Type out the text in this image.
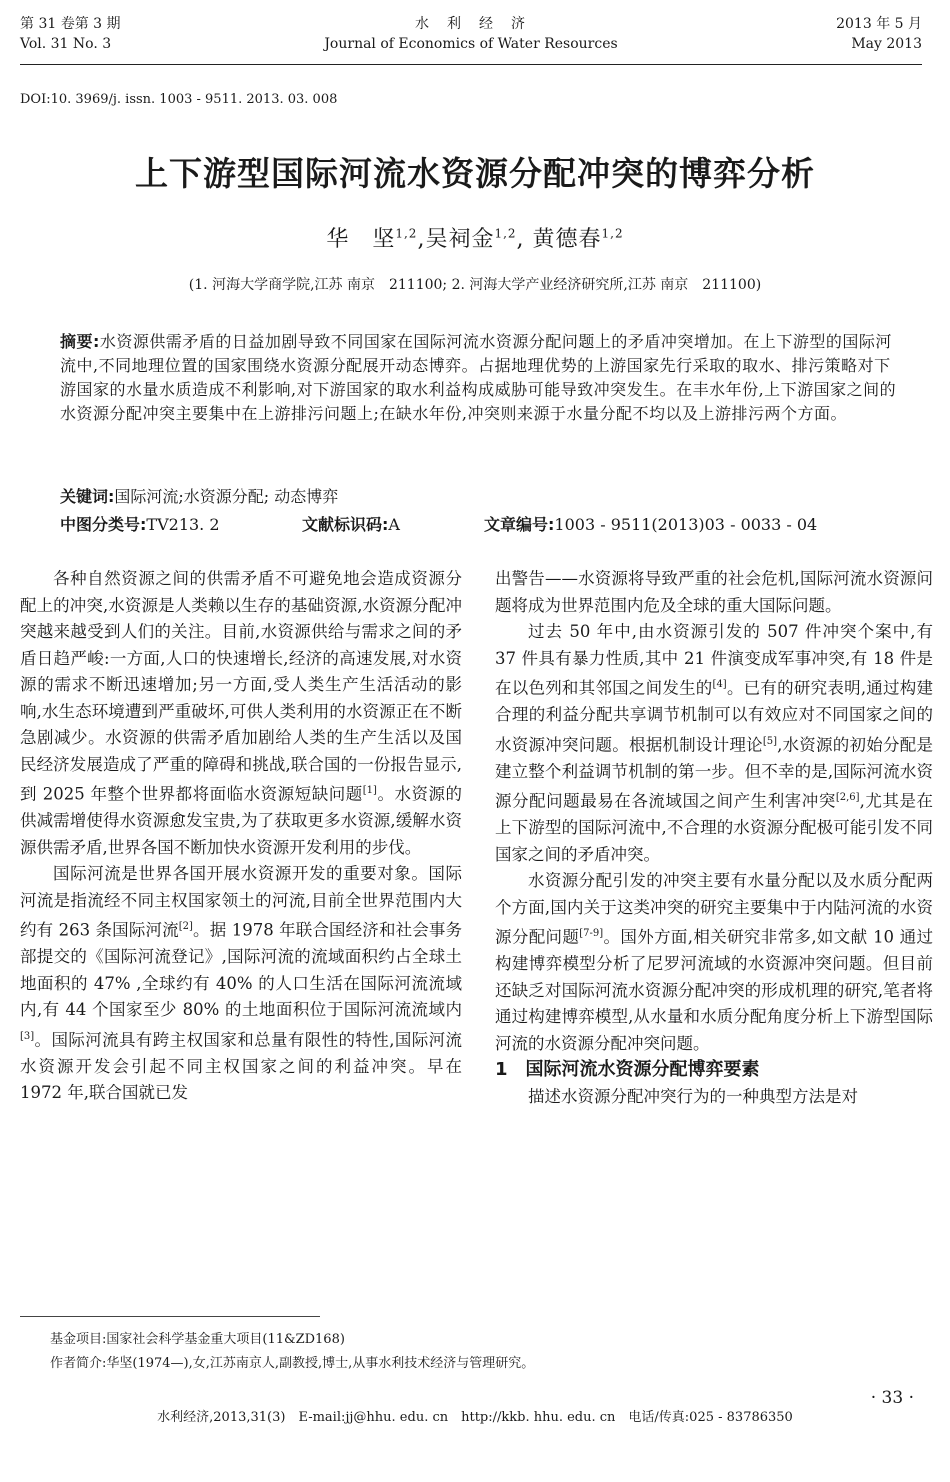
第 31 卷第 3 期
Vol. 31 No. 3
水　利　经　济
Journal of Economics of Water Resources
2013 年 5 月
May 2013
DOI:10. 3969/j. issn. 1003 - 9511. 2013. 03. 008
上下游型国际河流水资源分配冲突的博弈分析
华　坚$^{1,2}$,吴祠金$^{1,2}$, 黄德春$^{1,2}$
(1. 河海大学商学院,江苏 南京　211100; 2. 河海大学产业经济研究所,江苏 南京　211100)
摘要:水资源供需矛盾的日益加剧导致不同国家在国际河流水资源分配问题上的矛盾冲突增加。在上下游型的国际河流中,不同地理位置的国家围绕水资源分配展开动态博弈。占据地理优势的上游国家先行采取的取水、排污策略对下游国家的水量水质造成不利影响,对下游国家的取水利益构成威胁可能导致冲突发生。在丰水年份,上下游国家之间的水资源分配冲突主要集中在上游排污问题上;在缺水年份,冲突则来源于水量分配不均以及上游排污两个方面。
关键词:国际河流;水资源分配; 动态博弈
中图分类号:TV213. 2	文献标识码:A	文章编号:1003 - 9511(2013)03 - 0033 - 04

各种自然资源之间的供需矛盾不可避免地会造成资源分配上的冲突,水资源是人类赖以生存的基础资源,水资源分配冲突越来越受到人们的关注。目前,水资源供给与需求之间的矛盾日趋严峻:一方面,人口的快速增长,经济的高速发展,对水资源的需求不断迅速增加;另一方面,受人类生产生活活动的影响,水生态环境遭到严重破坏,可供人类利用的水资源正在不断急剧减少。水资源的供需矛盾加剧给人类的生产生活以及国民经济发展造成了严重的障碍和挑战,联合国的一份报告显示,到 2025 年整个世界都将面临水资源短缺问题[1]。水资源的供减需增使得水资源愈发宝贵,为了获取更多水资源,缓解水资源供需矛盾,世界各国不断加快水资源开发利用的步伐。

国际河流是世界各国开展水资源开发的重要对象。国际河流是指流经不同主权国家领土的河流,目前全世界范围内大约有 263 条国际河流[2]。据 1978 年联合国经济和社会事务部提交的《国际河流登记》,国际河流的流域面积约占全球土地面积的 47% ,全球约有 40% 的人口生活在国际河流流域内,有 44 个国家至少 80% 的土地面积位于国际河流流域内[3]。国际河流具有跨主权国家和总量有限性的特性,国际河流水资源开发会引起不同主权国家之间的利益冲突。早在 1972 年,联合国就已发

出警告——水资源将导致严重的社会危机,国际河流水资源问题将成为世界范围内危及全球的重大国际问题。

过去 50 年中,由水资源引发的 507 件冲突个案中,有 37 件具有暴力性质,其中 21 件演变成军事冲突,有 18 件是在以色列和其邻国之间发生的[4]。已有的研究表明,通过构建合理的利益分配共享调节机制可以有效应对不同国家之间的水资源冲突问题。根据机制设计理论[5],水资源的初始分配是建立整个利益调节机制的第一步。但不幸的是,国际河流水资源分配问题最易在各流域国之间产生利害冲突[2,6],尤其是在上下游型的国际河流中,不合理的水资源分配极可能引发不同国家之间的矛盾冲突。

水资源分配引发的冲突主要有水量分配以及水质分配两个方面,国内关于这类冲突的研究主要集中于内陆河流的水资源分配问题[7-9]。国外方面,相关研究非常多,如文献 10 通过构建博弈模型分析了尼罗河流域的水资源冲突问题。但目前还缺乏对国际河流水资源分配冲突的形成机理的研究,笔者将通过构建博弈模型,从水量和水质分配角度分析上下游型国际河流的水资源分配冲突问题。

1　国际河流水资源分配博弈要素

描述水资源分配冲突行为的一种典型方法是对

基金项目:国家社会科学基金重大项目(11&ZD168)
作者简介:华坚(1974—),女,江苏南京人,副教授,博士,从事水利技术经济与管理研究。
· 33 ·
水利经济,2013,31(3)　E-mail:jj@hhu. edu. cn　http://kkb. hhu. edu. cn　电话/传真:025 - 83786350
